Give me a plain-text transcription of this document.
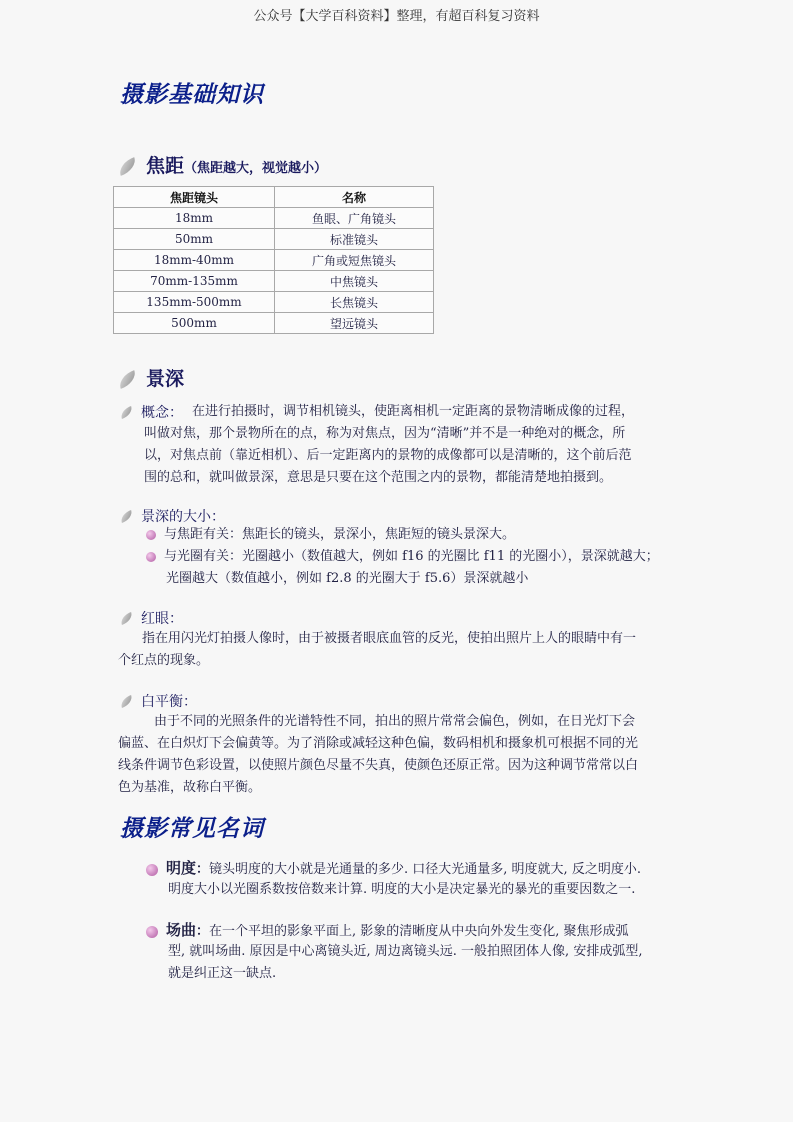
公众号【大学百科资料】整理，有超百科复习资料
摄影基础知识
焦距（焦距越大，视觉越小）
焦距镜头	名称
18mm	鱼眼、广角镜头
50mm	标准镜头
18mm-40mm	广角或短焦镜头
70mm-135mm	中焦镜头
135mm-500mm	长焦镜头
500mm	望远镜头
景深
概念： 在进行拍摄时，调节相机镜头，使距离相机一定距离的景物清晰成像的过程，
叫做对焦，那个景物所在的点，称为对焦点，因为“清晰”并不是一种绝对的概念，所
以，对焦点前（靠近相机）、后一定距离内的景物的成像都可以是清晰的，这个前后范
围的总和，就叫做景深，意思是只要在这个范围之内的景物，都能清楚地拍摄到。
景深的大小：
与焦距有关：焦距长的镜头，景深小，焦距短的镜头景深大。
与光圈有关：光圈越小（数值越大，例如 f16 的光圈比 f11 的光圈小），景深就越大；
光圈越大（数值越小，例如 f2.8 的光圈大于 f5.6）景深就越小
红眼：
指在用闪光灯拍摄人像时，由于被摄者眼底血管的反光，使拍出照片上人的眼睛中有一
个红点的现象。
白平衡：
由于不同的光照条件的光谱特性不同，拍出的照片常常会偏色，例如，在日光灯下会
偏蓝、在白炽灯下会偏黄等。为了消除或减轻这种色偏，数码相机和摄象机可根据不同的光
线条件调节色彩设置，以使照片颜色尽量不失真，使颜色还原正常。因为这种调节常常以白
色为基准，故称白平衡。
摄影常见名词
明度：镜头明度的大小就是光通量的多少. 口径大光通量多, 明度就大, 反之明度小.
明度大小以光圈系数按倍数来计算. 明度的大小是决定暴光的暴光的重要因数之一.
场曲：在一个平坦的影象平面上, 影象的清晰度从中央向外发生变化, 聚焦形成弧
型, 就叫场曲. 原因是中心离镜头近, 周边离镜头远. 一般拍照团体人像, 安排成弧型,
就是纠正这一缺点.
